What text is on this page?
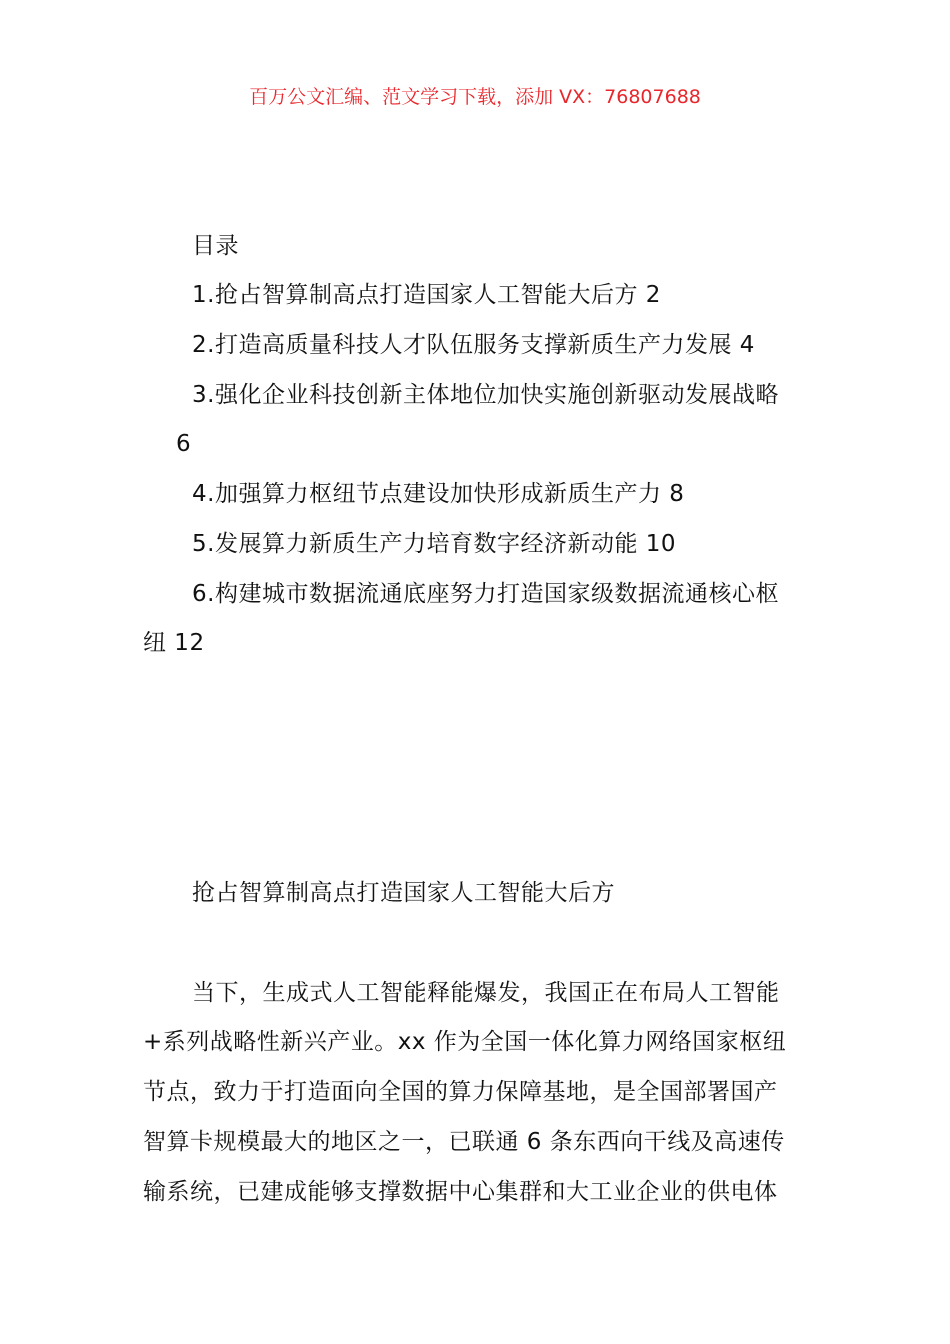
百万公文汇编、范文学习下载，添加 VX：76807688
目录
1.抢占智算制高点打造国家人工智能大后方 2
2.打造高质量科技人才队伍服务支撑新质生产力发展 4
3.强化企业科技创新主体地位加快实施创新驱动发展战略
6
4.加强算力枢纽节点建设加快形成新质生产力 8
5.发展算力新质生产力培育数字经济新动能 10
6.构建城市数据流通底座努力打造国家级数据流通核心枢
纽 12
抢占智算制高点打造国家人工智能大后方
当下，生成式人工智能释能爆发，我国正在布局人工智能
+系列战略性新兴产业。xx 作为全国一体化算力网络国家枢纽
节点，致力于打造面向全国的算力保障基地，是全国部署国产
智算卡规模最大的地区之一，已联通 6 条东西向干线及高速传
输系统，已建成能够支撑数据中心集群和大工业企业的供电体
